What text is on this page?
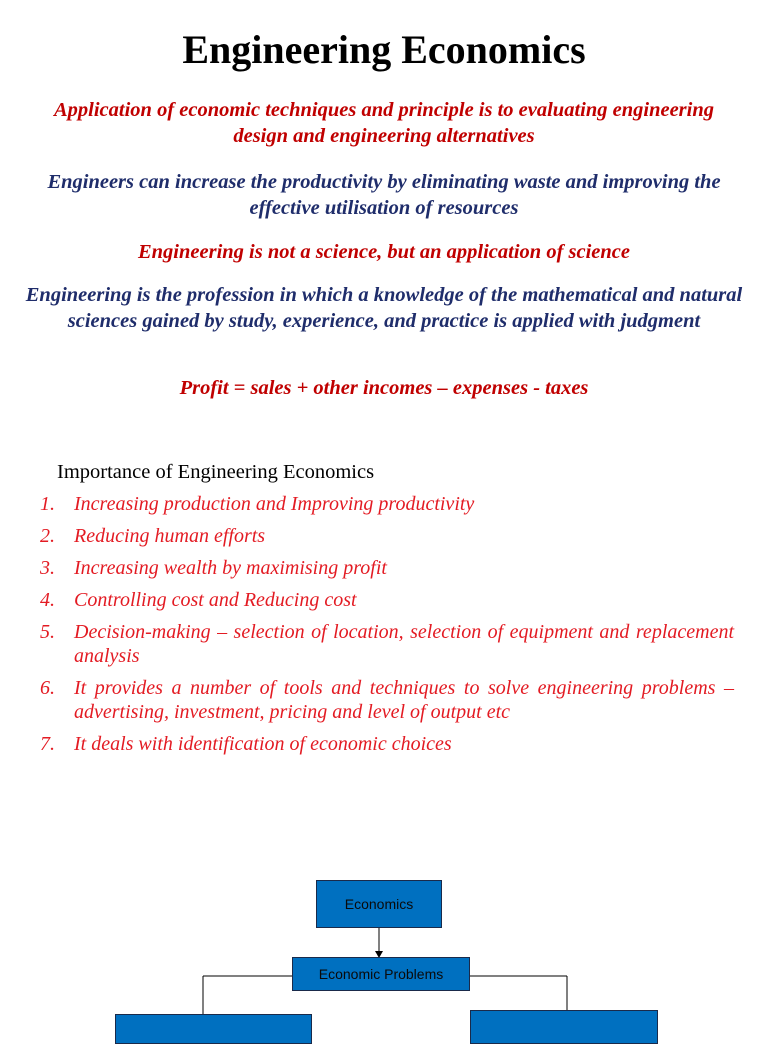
Engineering Economics
Application of economic techniques and principle is to evaluating engineering design and engineering alternatives
Engineers can increase the productivity by eliminating waste and improving the effective utilisation of resources
Engineering is not a science, but an application of science
Engineering is the profession in which a knowledge of the mathematical and natural sciences gained by study, experience, and practice is applied with judgment
Profit = sales + other incomes – expenses - taxes
Importance of Engineering Economics
1. Increasing production and Improving productivity
2. Reducing human efforts
3. Increasing wealth by maximising profit
4. Controlling cost and Reducing cost
5. Decision-making – selection of location, selection of equipment and replacement analysis
6. It provides a number of tools and techniques to solve engineering problems – advertising, investment, pricing and level of output etc
7. It deals with identification of economic choices
Economics
Economic Problems
